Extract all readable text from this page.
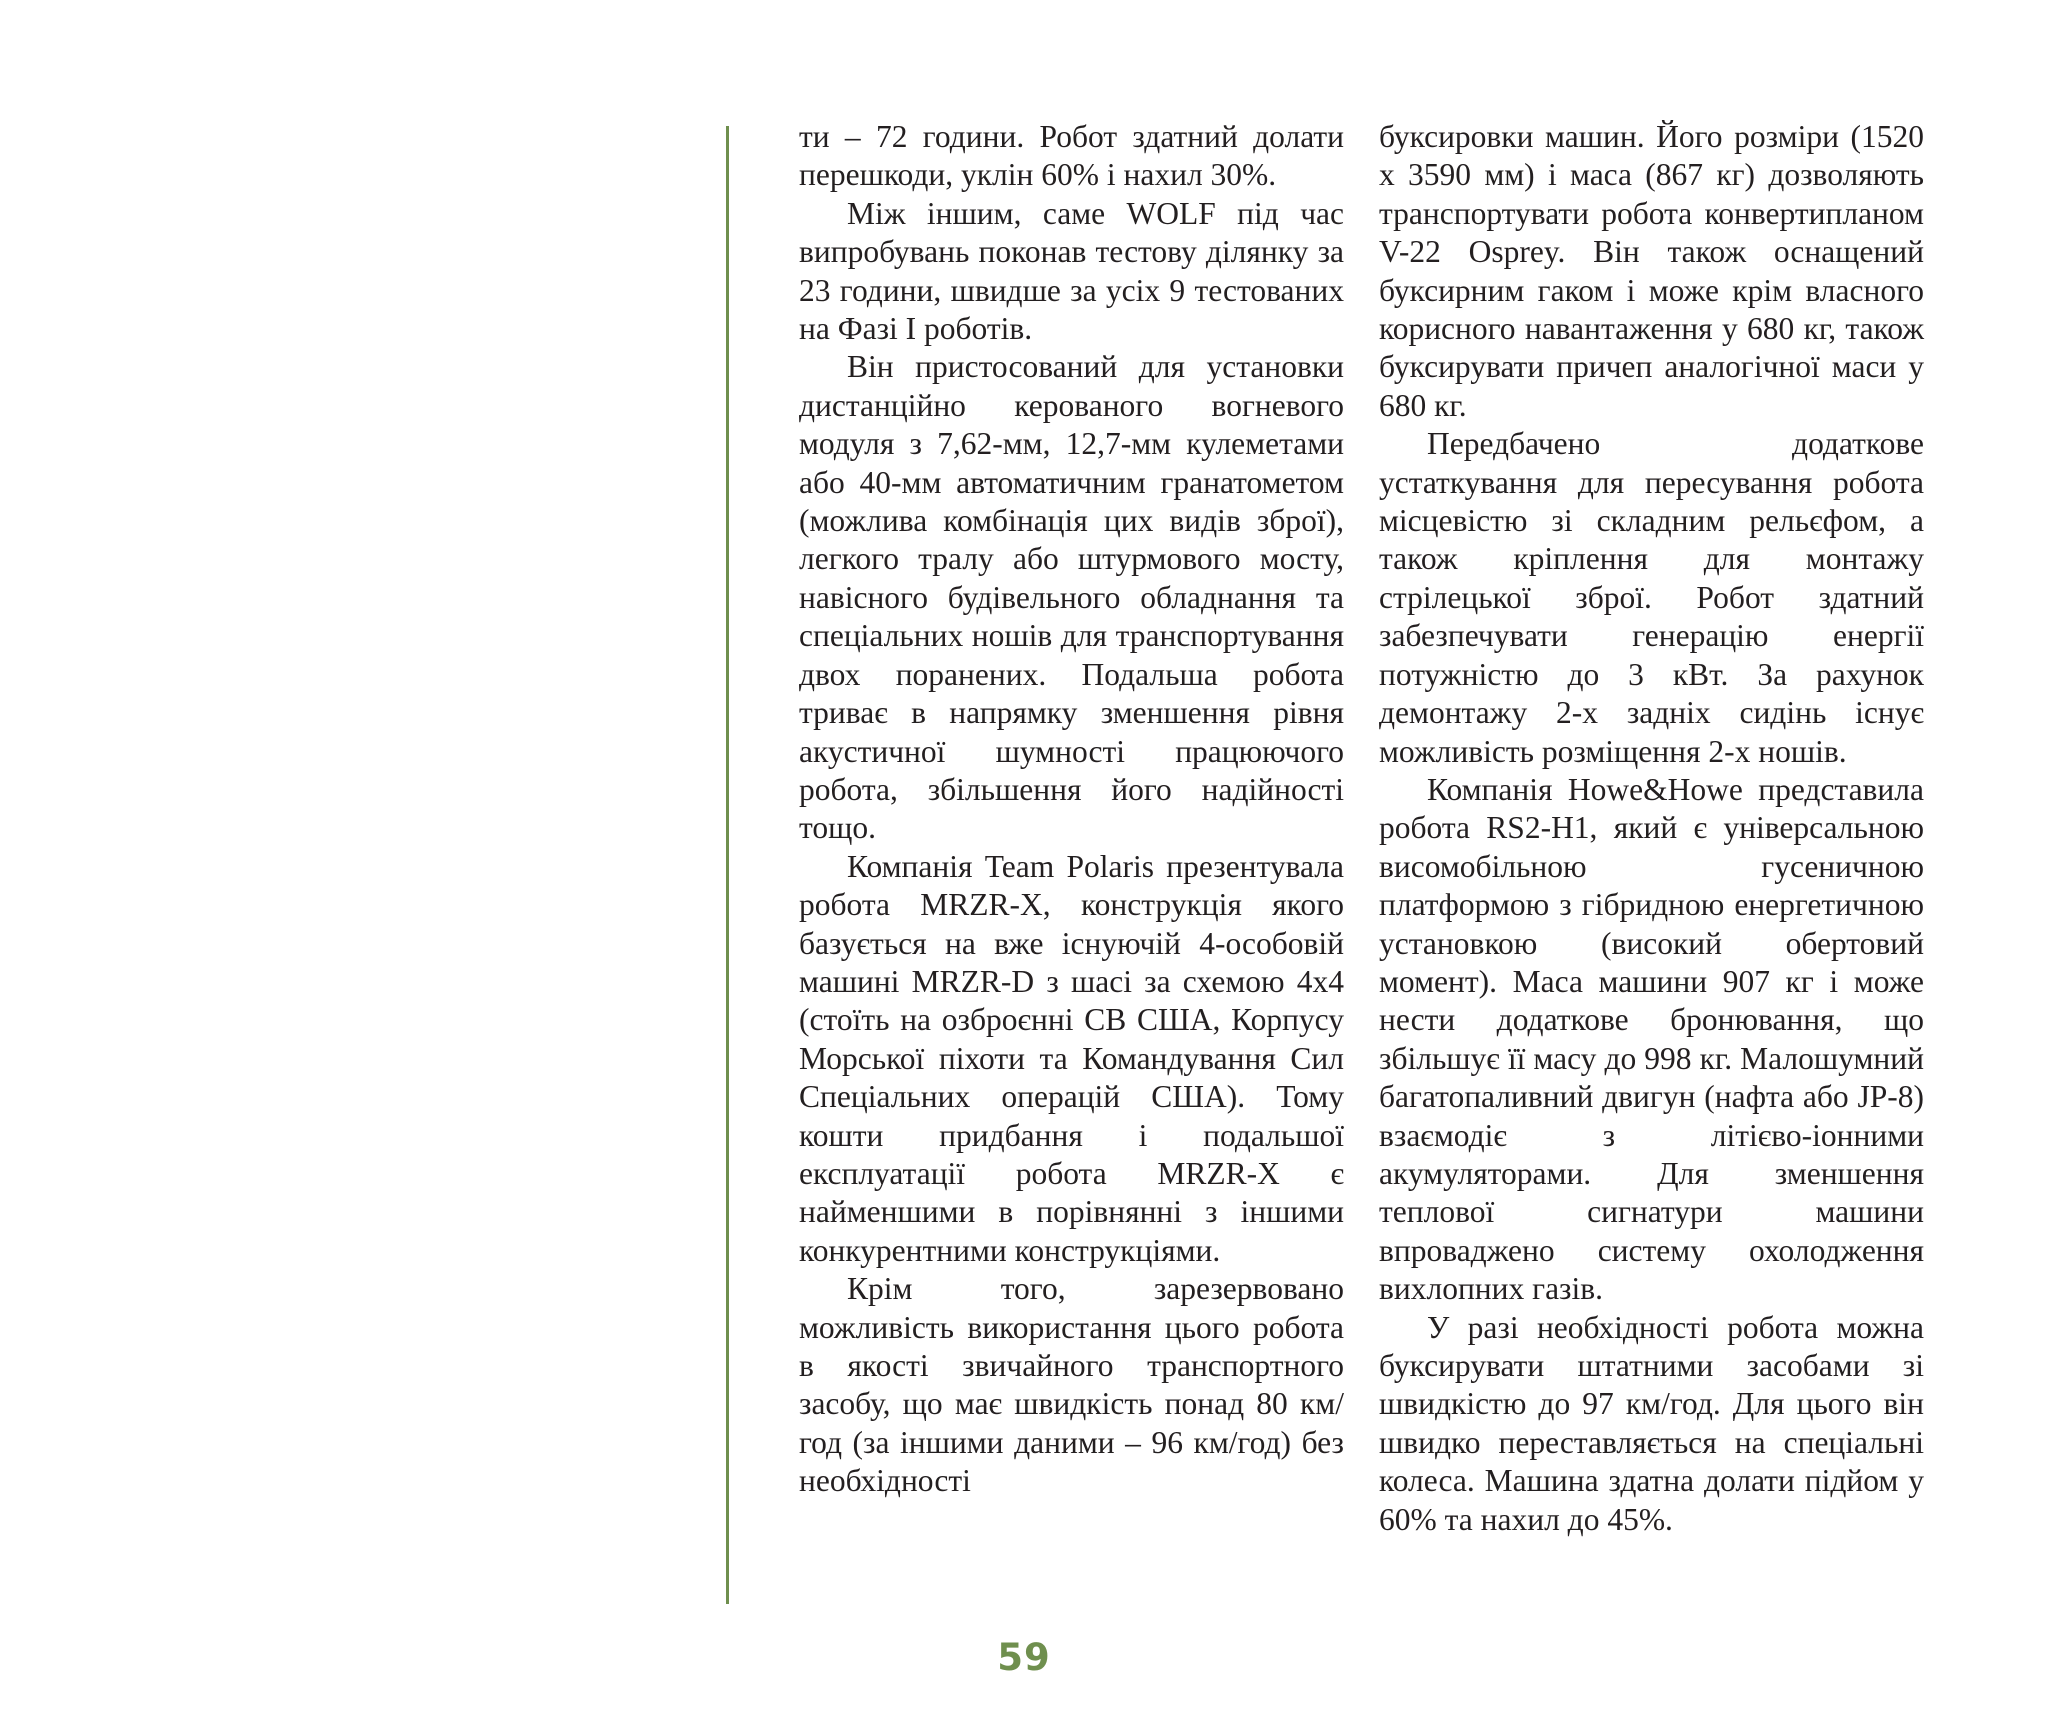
ти – 72 години. Робот здатний долати перешкоди, уклін 60% і нахил 30%.

Між іншим, саме WOLF під час випробувань поконав тестову ділянку за 23 години, швидше за усіх 9 тестованих на Фазі І роботів.

Він пристосований для установки дистанційно керованого вогневого модуля з 7,62-мм, 12,7-мм кулеметами або 40-мм автоматичним гранатометом (можлива комбінація цих видів зброї), легкого тралу або штурмового мосту, навісного будівельного обладнання та спеціальних ношів для транспортування двох поранених. Подальша робота триває в напрямку зменшення рівня акустичної шумності працюючого робота, збільшення його надійності тощо.

Компанія Team Polaris презентувала робота MRZR-X, конструкція якого базується на вже існуючій 4-особовій машині MRZR-D з шасі за схемою 4х4 (стоїть на озброєнні СВ США, Корпусу Морської піхоти та Командування Сил Спеціальних операцій США). Тому кошти придбання і подальшої експлуатації робота MRZR-X є найменшими в порівнянні з іншими конкурентними конструкціями.

Крім того, зарезервовано можливість використання цього робота в якості звичайного транспортного засобу, що має швидкість понад 80 км/год (за іншими даними – 96 км/год) без необхідності

буксировки машин. Його розміри (1520 х 3590 мм) і маса (867 кг) дозволяють транспортувати робота конвертипланом V-22 Osprey. Він також оснащений буксирним гаком і може крім власного корисного навантаження у 680 кг, також буксирувати причеп аналогічної маси у 680 кг.

Передбачено додаткове устаткування для пересування робота місцевістю зі складним рельєфом, а також кріплення для монтажу стрілецької зброї. Робот здатний забезпечувати генерацію енергії потужністю до 3 кВт. За рахунок демонтажу 2-х задніх сидінь існує можливість розміщення 2-х ношів.

Компанія Howe&Howe представила робота RS2-H1, який є універсальною висомобільною гусеничною платформою з гібридною енергетичною установкою (високий обертовий момент). Маса машини 907 кг і може нести додаткове бронювання, що збільшує її масу до 998 кг. Малошумний багатопаливний двигун (нафта або JP-8) взаємодіє з літієво-іонними акумуляторами. Для зменшення теплової сигнатури машини впроваджено систему охолодження вихлопних газів.

У разі необхідності робота можна буксирувати штатними засобами зі швидкістю до 97 км/год. Для цього він швидко переставляється на спеціальні колеса. Машина здатна долати підйом у 60% та нахил до 45%.

59
